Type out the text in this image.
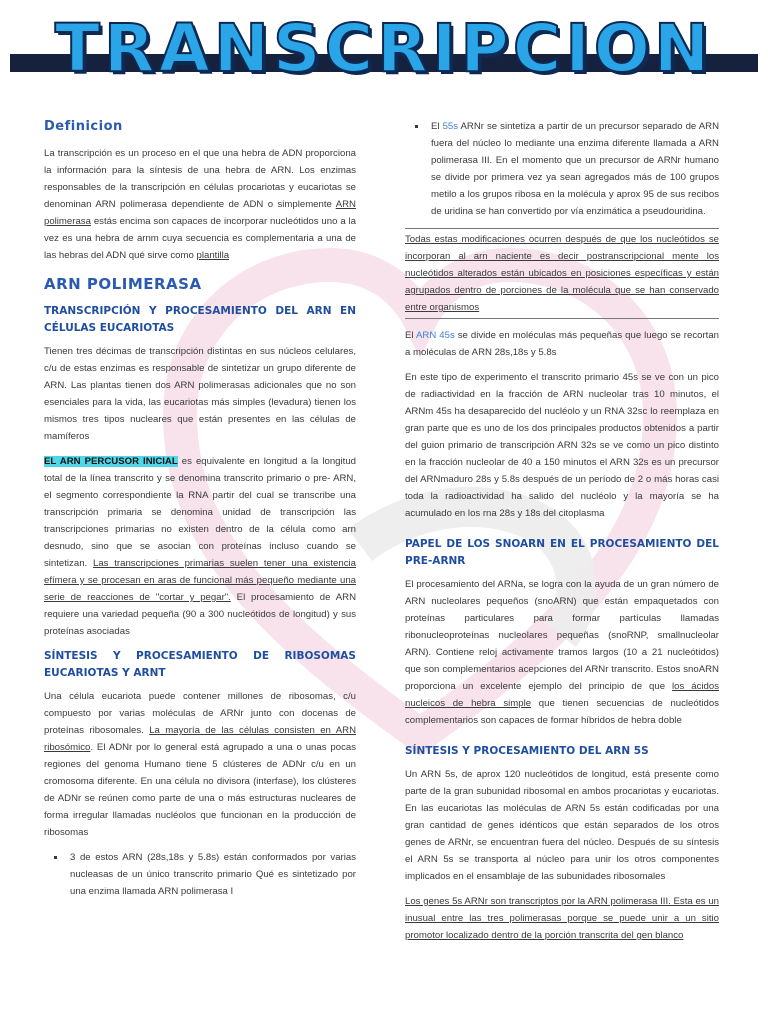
TRANSCRIPCION
Definicion

La transcripción es un proceso en el que una hebra de ADN proporciona la información para la síntesis de una hebra de ARN. Los enzimas responsables de la transcripción en células procariotas y eucariotas se denominan ARN polimerasa dependiente de ADN o simplemente ARN polimerasa estás encima son capaces de incorporar nucleótidos uno a la vez es una hebra de arnm cuya secuencia es complementaria a una de las hebras del ADN qué sirve como plantilla

ARN POLIMERASA
TRANSCRIPCIÓN Y PROCESAMIENTO DEL ARN EN CÉLULAS EUCARIOTAS

Tienen tres décimas de transcripción distintas en sus núcleos celulares, c/u de estas enzimas es responsable de sintetizar un grupo diferente de ARN. Las plantas tienen dos ARN polimerasas adicionales que no son esenciales para la vida, las eucariotas más simples (levadura) tienen los mismos tres tipos nucleares que están presentes en las células de mamíferos

EL ARN PERCUSOR INICIAL es equivalente en longitud a la longitud total de la línea transcrito y se denomina transcrito primario o pre- ARN, el segmento correspondiente la RNA partir del cual se transcribe una transcripción primaria se denomina unidad de transcripción las transcripciones primarias no existen dentro de la célula como arn desnudo, sino que se asocian con proteínas incluso cuando se sintetizan. Las transcripciones primarias suelen tener una existencia efímera y se procesan en aras de funcional más pequeño mediante una serie de reacciones de "cortar y pegar". El procesamiento de ARN requiere una variedad pequeña (90 a 300 nucleótidos de longitud) y sus proteínas asociadas

SÍNTESIS Y PROCESAMIENTO DE RIBOSOMAS EUCARIOTAS Y ARNT

Una célula eucariota puede contener millones de ribosomas, c/u compuesto por varias moléculas de ARNr junto con docenas de proteínas ribosomales. La mayoría de las células consisten en ARN ribosómico. El ADNr por lo general está agrupado a una o unas pocas regiones del genoma Humano tiene 5 clústeres de ADNr c/u en un cromosoma diferente. En una célula no divisora (interfase), los clústeres de ADNr se reúnen como parte de una o más estructuras nucleares de forma irregular llamadas nucléolos que funcionan en la producción de ribosomas

▪ 3 de estos ARN (28s,18s y 5.8s) están conformados por varias nucleasas de un único transcrito primario Qué es sintetizado por una enzima llamada ARN polimerasa I
▪ El 55s ARNr se sintetiza a partir de un precursor separado de ARN fuera del núcleo lo mediante una enzima diferente llamada a ARN polimerasa III. En el momento que un precursor de ARNr humano se divide por primera vez ya sean agregados más de 100 grupos metilo a los grupos ribosa en la molécula y aprox 95 de sus recibos de uridina se han convertido por vía enzimática a pseudouridina.

Todas estas modificaciones ocurren después de que los nucleótidos se incorporan al arn naciente es decir postranscripcional mente los nucleótidos alterados están ubicados en posiciones específicas y están agrupados dentro de porciones de la molécula que se han conservado entre organismos

El ARN 45s se divide en moléculas más pequeñas que luego se recortan a moléculas de ARN 28s,18s y 5.8s

En este tipo de experimento el transcrito primario 45s se ve con un pico de radiactividad en la fracción de ARN nucleolar tras 10 minutos, el ARNm 45s ha desaparecido del nucléolo y un RNA 32sc lo reemplaza en gran parte que es uno de los dos principales productos obtenidos a partir del guion primario de transcripción ARN 32s se ve como un pico distinto en la fracción nucleolar de 40 a 150 minutos el ARN 32s es un precursor del ARNmaduro 28s y 5.8s después de un período de 2 o más horas casi toda la radioactividad ha salido del nucléolo y la mayoría se ha acumulado en los rna 28s y 18s del citoplasma

PAPEL DE LOS SNOARN EN EL PROCESAMIENTO DEL PRE-ARNR

El procesamiento del ARNa, se logra con la ayuda de un gran número de ARN nucleolares pequeños (snoARN) que están empaquetados con proteínas particulares para formar partículas llamadas ribonucleoproteínas nucleolares pequeñas (snoRNP, smallnucleolar ARN). Contiene reloj activamente tramos largos (10 a 21 nucleótidos) que son complementarios acepciones del ARNr transcrito. Estos snoARN proporciona un excelente ejemplo del principio de que los ácidos nucleicos de hebra simple que tienen secuencias de nucleótidos complementarios son capaces de formar híbridos de hebra doble

SÍNTESIS Y PROCESAMIENTO DEL ARN 5S

Un ARN 5s, de aprox 120 nucleótidos de longitud, está presente como parte de la gran subunidad ribosomal en ambos procariotas y eucariotas. En las eucariotas las moléculas de ARN 5s están codificadas por una gran cantidad de genes idénticos que están separados de los otros genes de ARNr, se encuentran fuera del núcleo. Después de su síntesis el ARN 5s se transporta al núcleo para unir los otros componentes implicados en el ensamblaje de las subunidades ribosomales

Los genes 5s ARNr son transcriptos por la ARN polimerasa III. Esta es un inusual entre las tres polimerasas porque se puede unir a un sitio promotor localizado dentro de la porción transcrita del gen blanco
